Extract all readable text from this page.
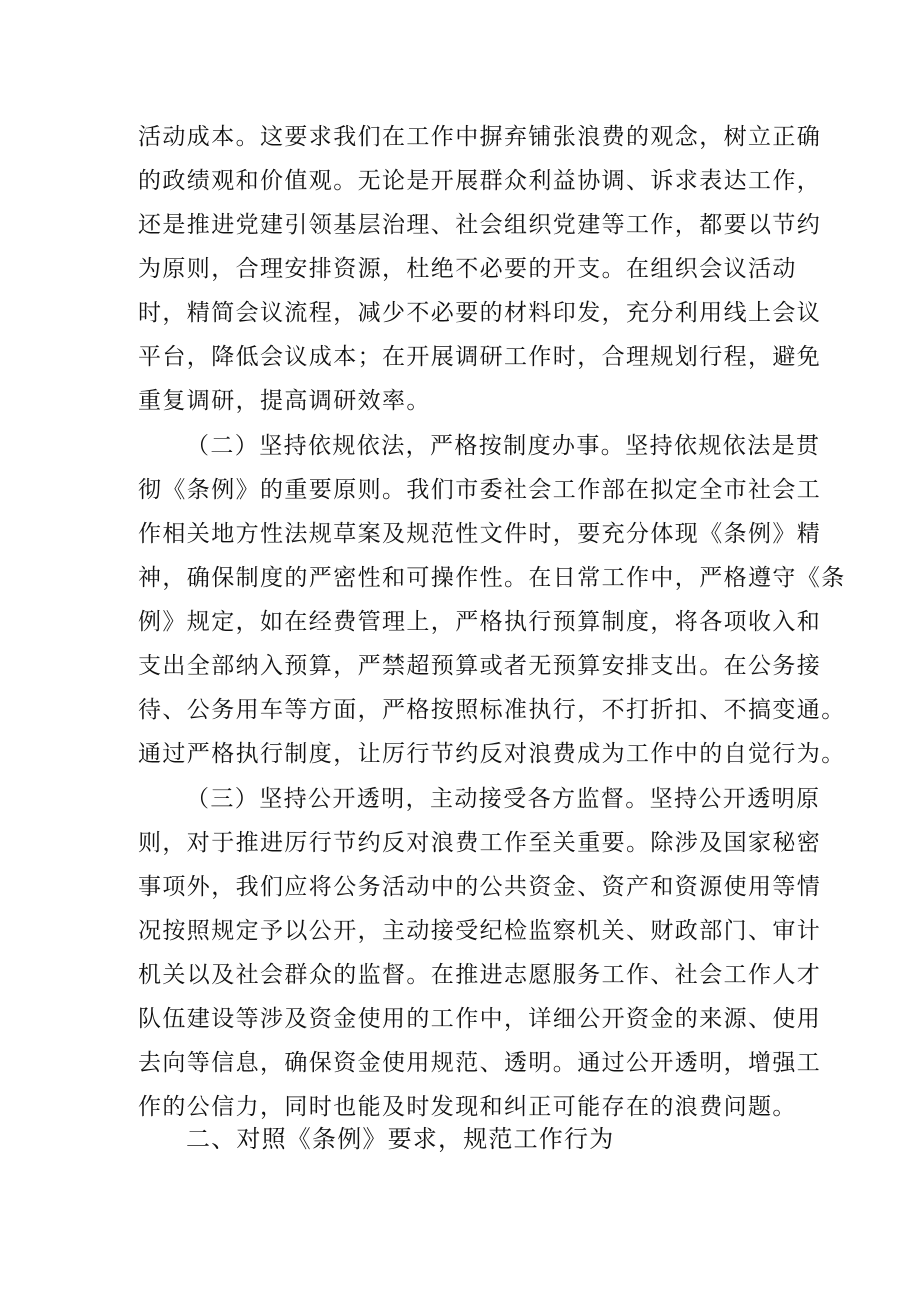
活动成本。这要求我们在工作中摒弃铺张浪费的观念，树立正确
的政绩观和价值观。无论是开展群众利益协调、诉求表达工作，
还是推进党建引领基层治理、社会组织党建等工作，都要以节约
为原则，合理安排资源，杜绝不必要的开支。在组织会议活动
时，精简会议流程，减少不必要的材料印发，充分利用线上会议
平台，降低会议成本；在开展调研工作时，合理规划行程，避免
重复调研，提高调研效率。
（二）坚持依规依法，严格按制度办事。坚持依规依法是贯
彻《条例》的重要原则。我们市委社会工作部在拟定全市社会工
作相关地方性法规草案及规范性文件时，要充分体现《条例》精
神，确保制度的严密性和可操作性。在日常工作中，严格遵守《条
例》规定，如在经费管理上，严格执行预算制度，将各项收入和
支出全部纳入预算，严禁超预算或者无预算安排支出。在公务接
待、公务用车等方面，严格按照标准执行，不打折扣、不搞变通。
通过严格执行制度，让厉行节约反对浪费成为工作中的自觉行为。
（三）坚持公开透明，主动接受各方监督。坚持公开透明原
则，对于推进厉行节约反对浪费工作至关重要。除涉及国家秘密
事项外，我们应将公务活动中的公共资金、资产和资源使用等情
况按照规定予以公开，主动接受纪检监察机关、财政部门、审计
机关以及社会群众的监督。在推进志愿服务工作、社会工作人才
队伍建设等涉及资金使用的工作中，详细公开资金的来源、使用
去向等信息，确保资金使用规范、透明。通过公开透明，增强工
作的公信力，同时也能及时发现和纠正可能存在的浪费问题。
二、对照《条例》要求，规范工作行为
